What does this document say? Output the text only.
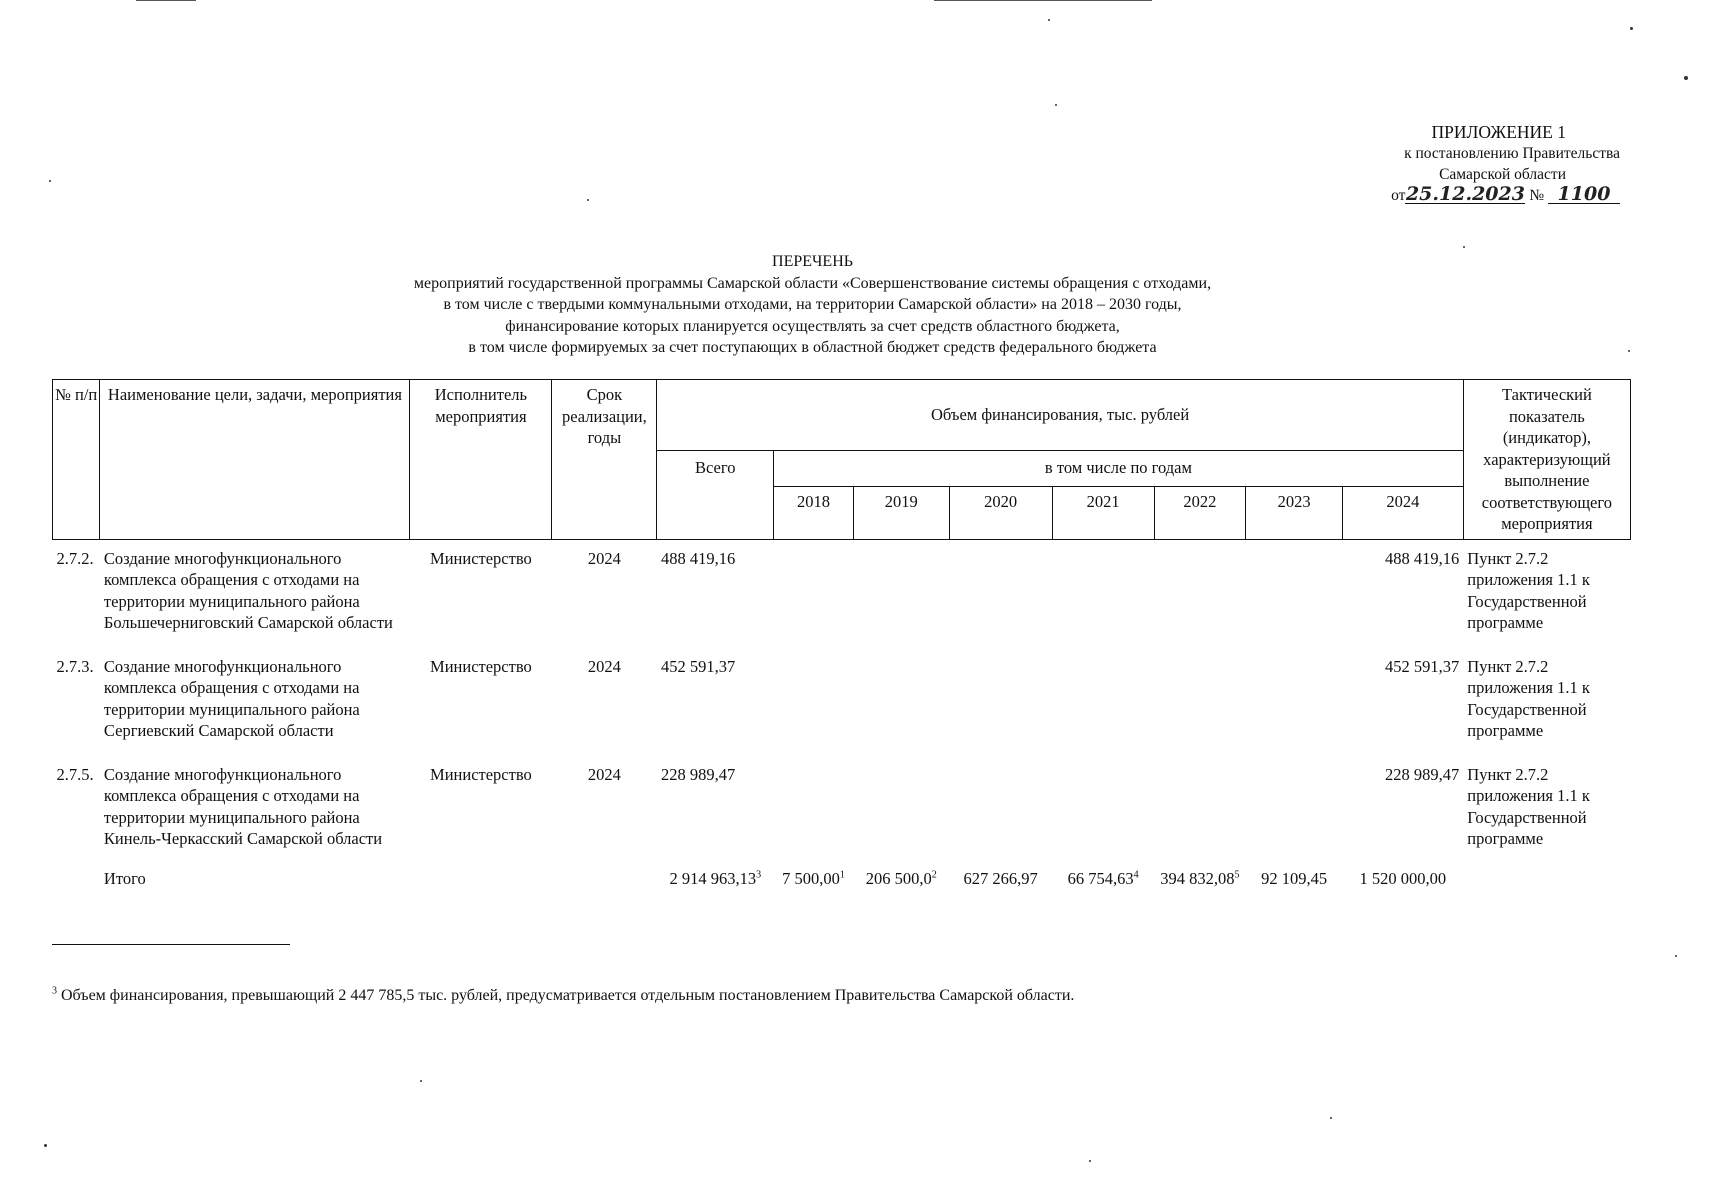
ПРИЛОЖЕНИЕ 1
к постановлению Правительства
Самарской области
от25.12.2023 № 1100
ПЕРЕЧЕНЬ
мероприятий государственной программы Самарской области «Совершенствование системы обращения с отходами,
в том числе с твердыми коммунальными отходами, на территории Самарской области» на 2018 – 2030 годы,
финансирование которых планируется осуществлять за счет средств областного бюджета,
в том числе формируемых за счет поступающих в областной бюджет средств федерального бюджета
№ п/п	Наименование цели, задачи, мероприятия	Исполнитель мероприятия	Срок реализации, годы	Объем финансирования, тыс. рублей								Тактический показатель (индикатор), характеризующий выполнение соответствующего мероприятия
				Всего	в том числе по годам							
					2018	2019	2020	2021	2022	2023	2024	
2.7.2.	Создание многофункционального комплекса обращения с отходами на территории муниципального района Большечерниговский Самарской области	Министерство	2024	488 419,16							488 419,16	Пункт 2.7.2 приложения 1.1 к Государственной программе
2.7.3.	Создание многофункционального комплекса обращения с отходами на территории муниципального района Сергиевский Самарской области	Министерство	2024	452 591,37							452 591,37	Пункт 2.7.2 приложения 1.1 к Государственной программе
2.7.5.	Создание многофункционального комплекса обращения с отходами на территории муниципального района Кинель-Черкасский Самарской области	Министерство	2024	228 989,47							228 989,47	Пункт 2.7.2 приложения 1.1 к Государственной программе
	Итого			2 914 963,13$^3$	7 500,00$^1$	206 500,0$^2$	627 266,97	66 754,63$^4$	394 832,08$^5$	92 109,45	1 520 000,00	
$^3$ Объем финансирования, превышающий 2 447 785,5 тыс. рублей, предусматривается отдельным постановлением Правительства Самарской области.
